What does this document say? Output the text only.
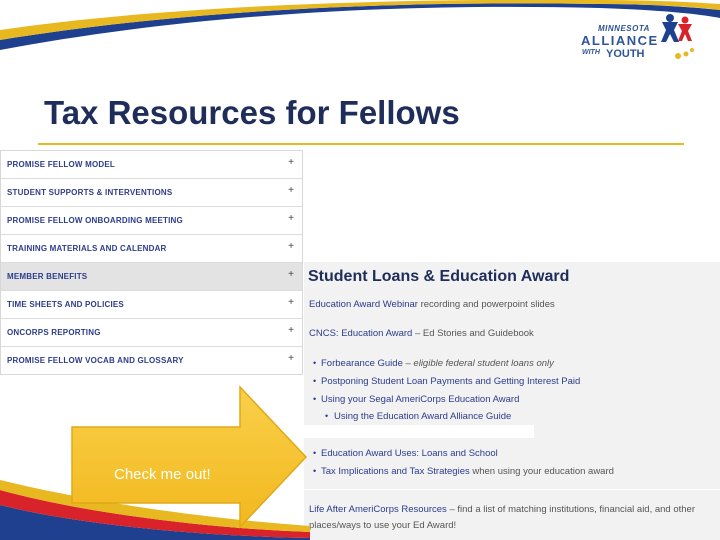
MINNESOTA
ALLIANCE
WITH YOUTH
Tax Resources for Fellows
PROMISE FELLOW MODEL	+
STUDENT SUPPORTS & INTERVENTIONS	+
PROMISE FELLOW ONBOARDING MEETING	+
TRAINING MATERIALS AND CALENDAR	+
MEMBER BENEFITS	+
TIME SHEETS AND POLICIES	+
ONCORPS REPORTING	+
PROMISE FELLOW VOCAB AND GLOSSARY	+
Student Loans & Education Award
Education Award Webinar recording and powerpoint slides
CNCS: Education Award – Ed Stories and Guidebook
• Forbearance Guide – eligible federal student loans only
• Postponing Student Loan Payments and Getting Interest Paid
• Using your Segal AmeriCorps Education Award
• Using the Education Award Alliance Guide
• Education Award Uses: Loans and School
• Tax Implications and Tax Strategies when using your education award
Life After AmeriCorps Resources – find a list of matching institutions, financial aid, and other
places/ways to use your Ed Award!
Check me out!
